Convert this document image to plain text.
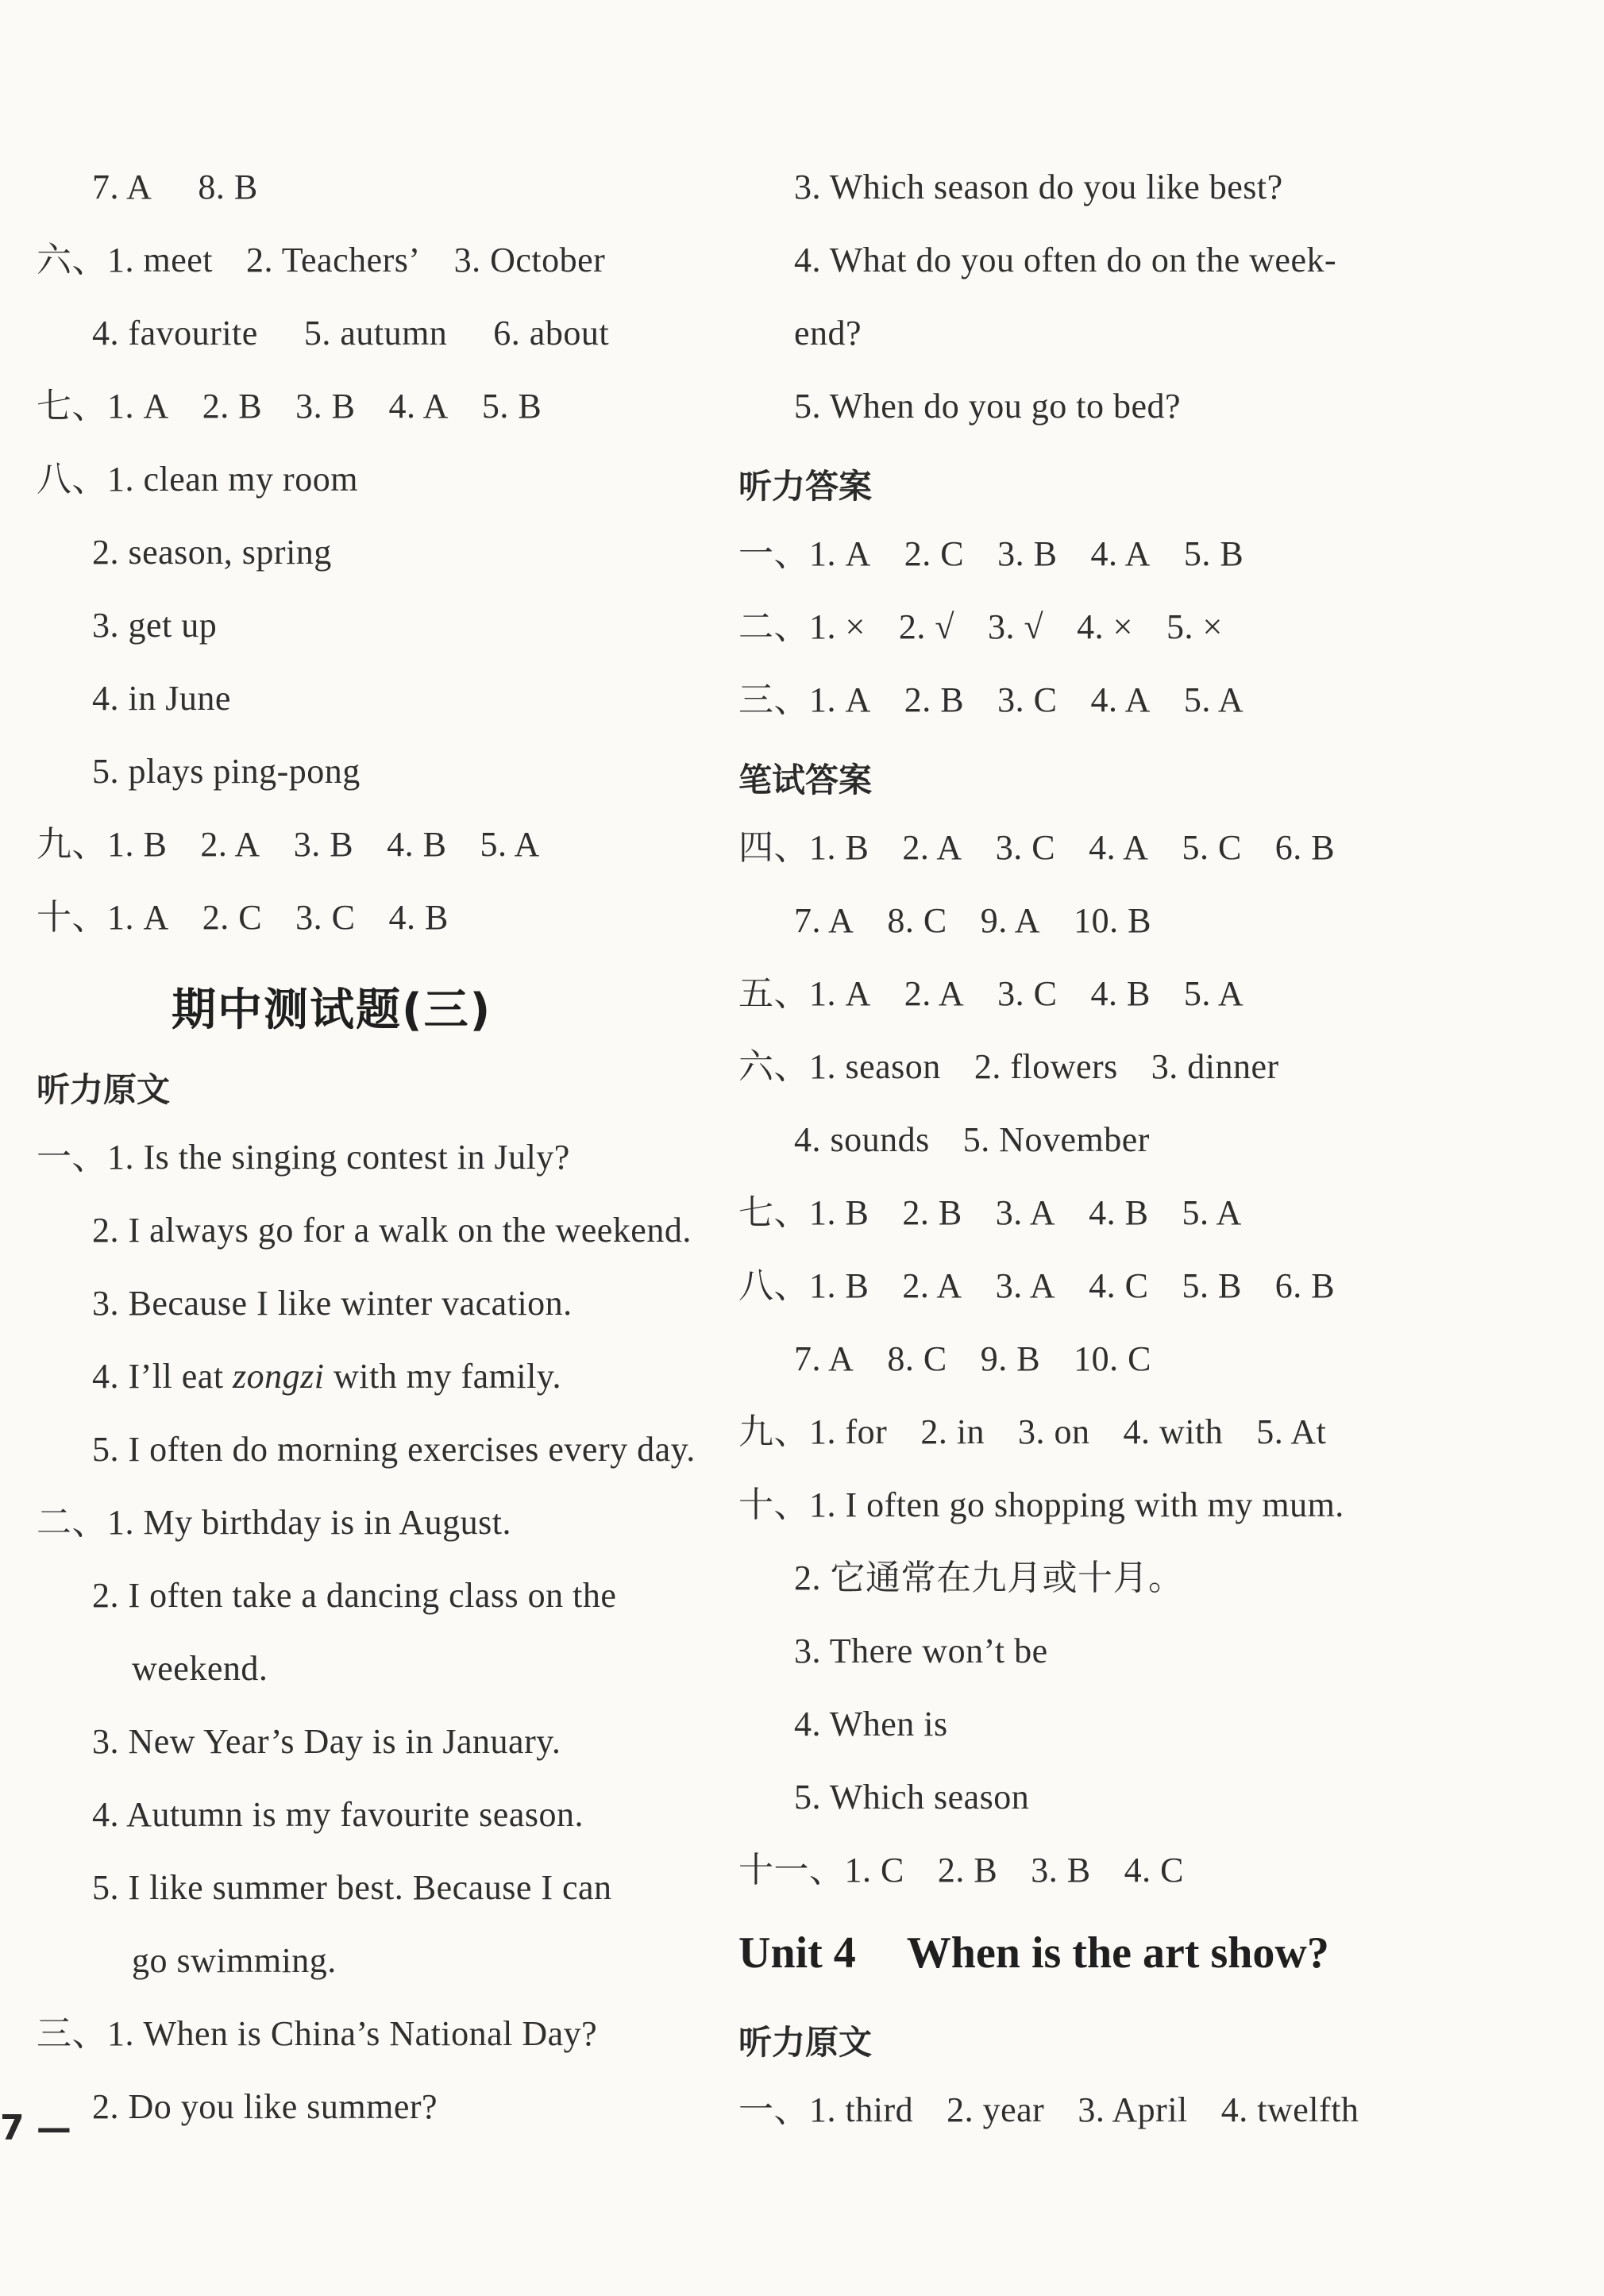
7. A 8. B
六、1. meet 2. Teachers’ 3. October
4. favourite 5. autumn 6. about
七、1. A 2. B 3. B 4. A 5. B
八、1. clean my room
2. season, spring
3. get up
4. in June
5. plays ping-pong
九、1. B 2. A 3. B 4. B 5. A
十、1. A 2. C 3. C 4. B
期中测试题(三)
听力原文
一、1. Is the singing contest in July?
2. I always go for a walk on the weekend.
3. Because I like winter vacation.
4. I’ll eat zongzi with my family.
5. I often do morning exercises every day.
二、1. My birthday is in August.
2. I often take a dancing class on the
weekend.
3. New Year’s Day is in January.
4. Autumn is my favourite season.
5. I like summer best. Because I can
go swimming.
三、1. When is China’s National Day?
2. Do you like summer?
7 —
3. Which season do you like best?
4. What do you often do on the week-
end?
5. When do you go to bed?
听力答案
一、1. A 2. C 3. B 4. A 5. B
二、1. × 2. √ 3. √ 4. × 5. ×
三、1. A 2. B 3. C 4. A 5. A
笔试答案
四、1. B 2. A 3. C 4. A 5. C 6. B
7. A 8. C 9. A 10. B
五、1. A 2. A 3. C 4. B 5. A
六、1. season 2. flowers 3. dinner
4. sounds 5. November
七、1. B 2. B 3. A 4. B 5. A
八、1. B 2. A 3. A 4. C 5. B 6. B
7. A 8. C 9. B 10. C
九、1. for 2. in 3. on 4. with 5. At
十、1. I often go shopping with my mum.
2. 它通常在九月或十月。
3. There won’t be
4. When is
5. Which season
十一、1. C 2. B 3. B 4. C
Unit 4 When is the art show?
听力原文
一、1. third 2. year 3. April 4. twelfth
